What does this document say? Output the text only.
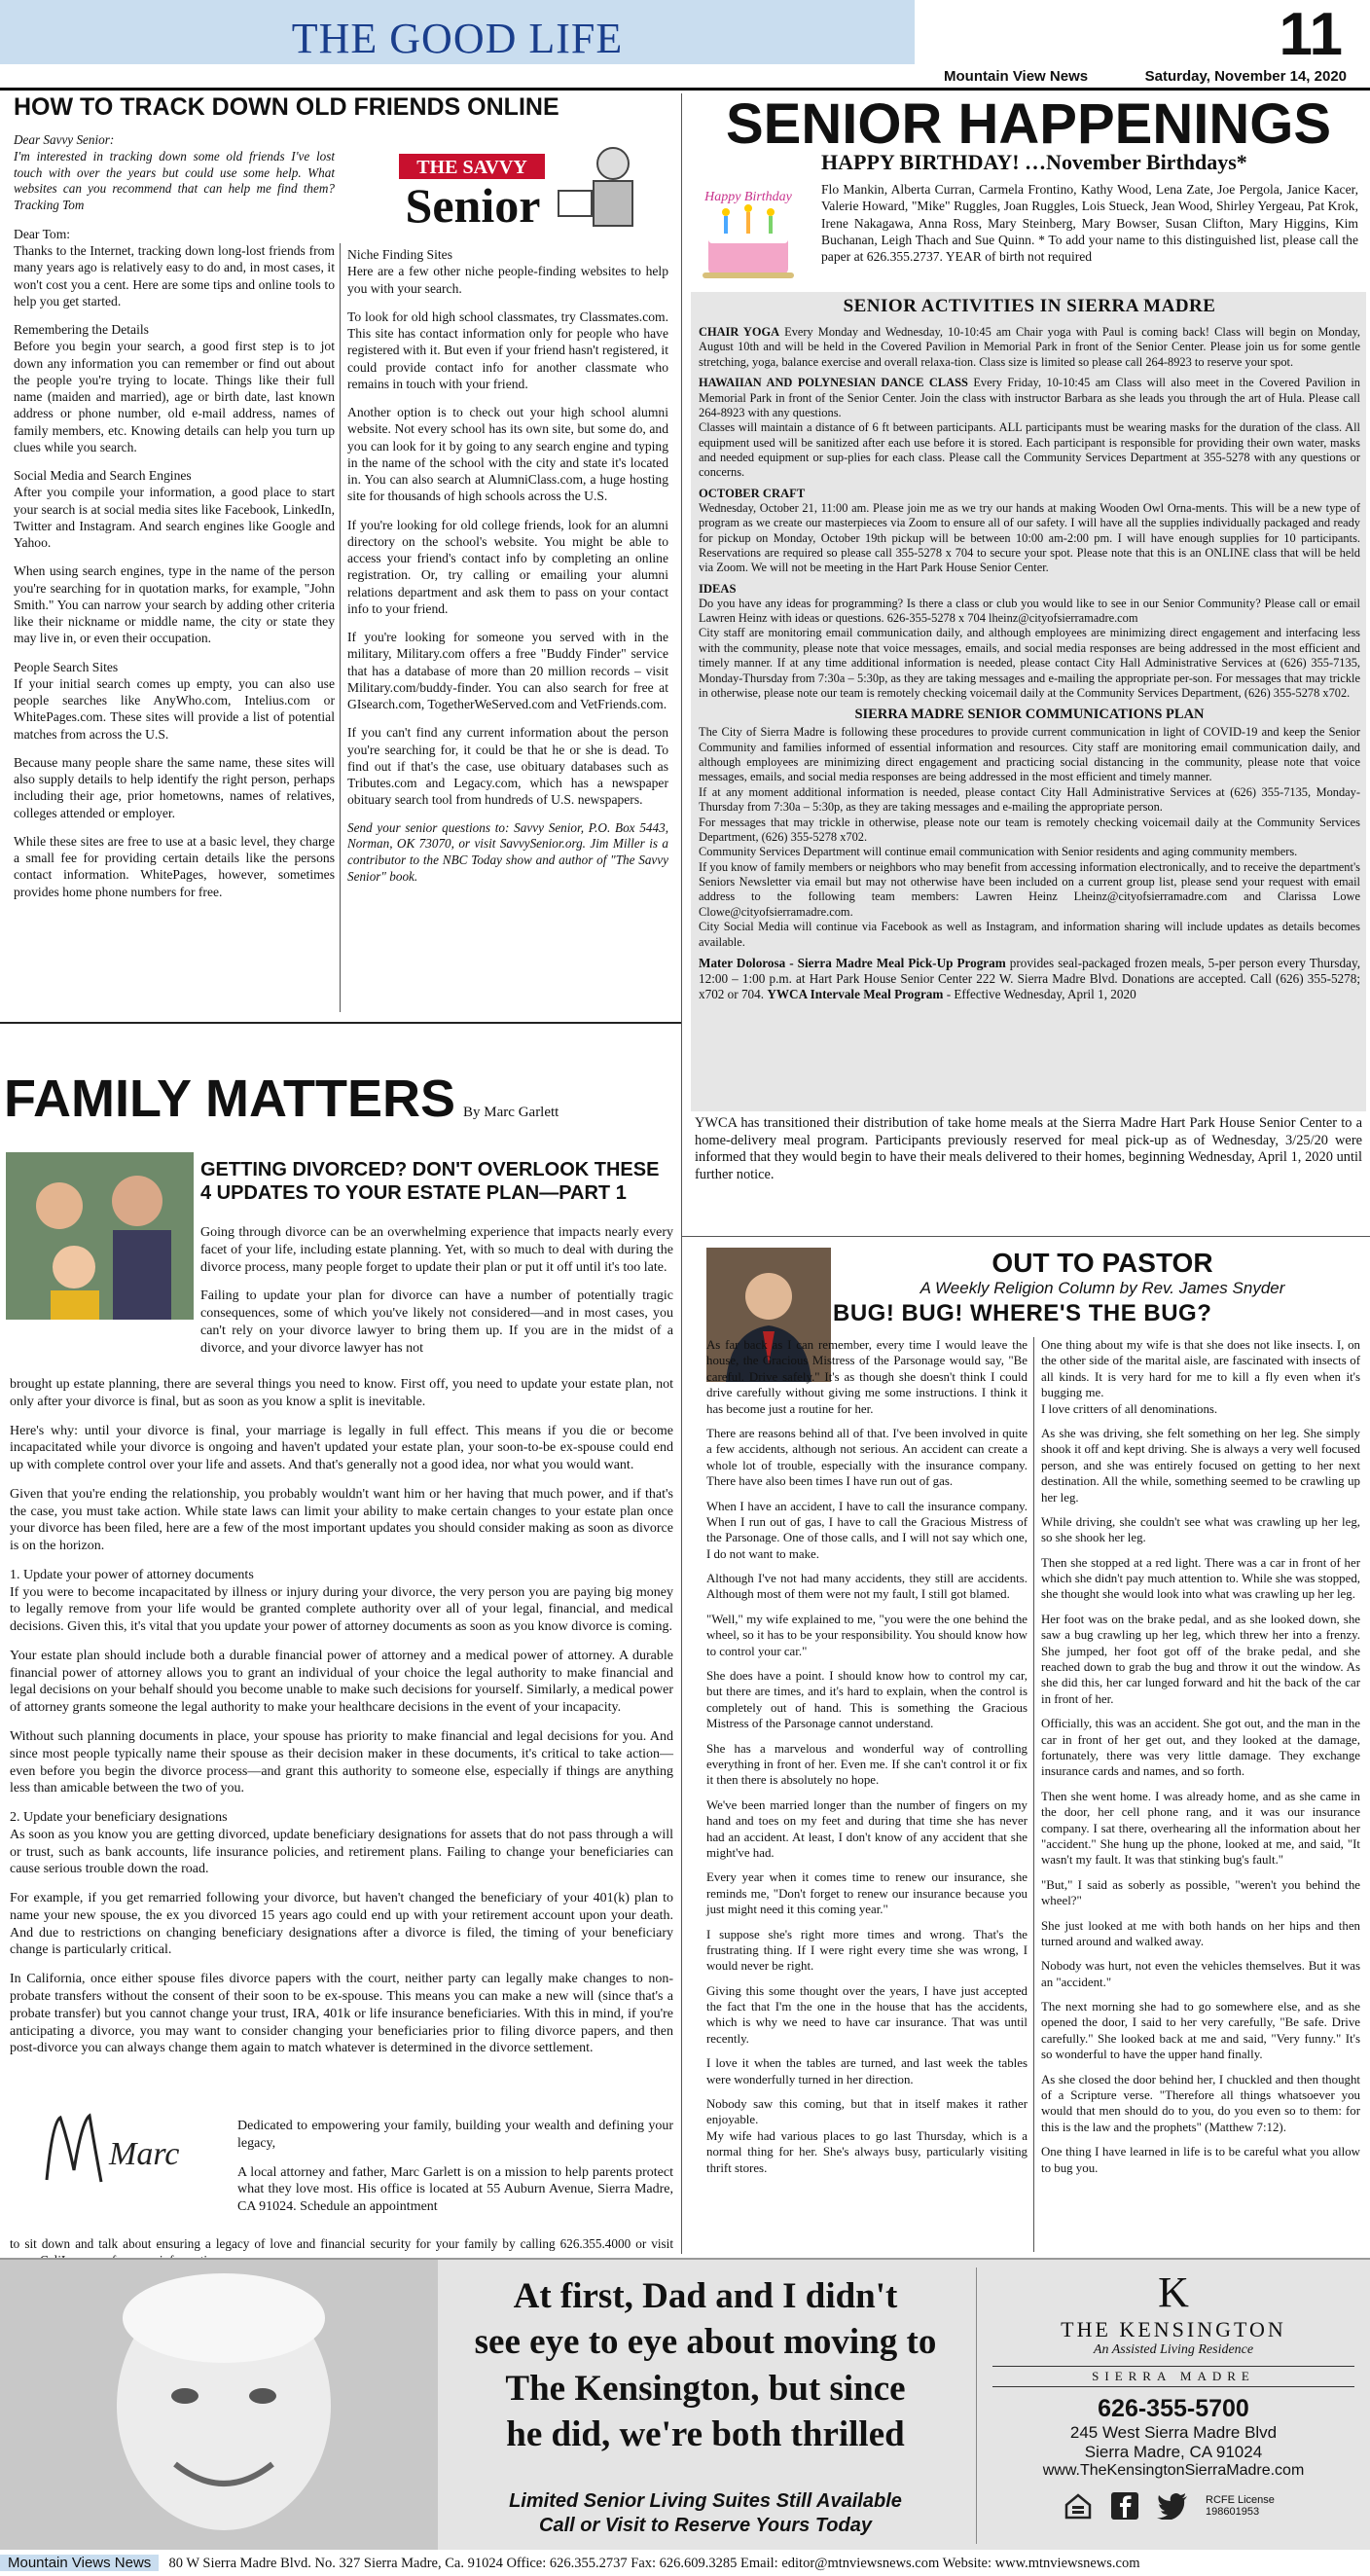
THE GOOD LIFE	11
Mountain View News	Saturday, November 14, 2020
HOW TO TRACK DOWN OLD FRIENDS ONLINE
Dear Savvy Senior:
I'm interested in tracking down some old friends I've lost touch with over the years but could use some help. What websites can you recommend that can help me find them? Tracking Tom
Dear Tom:
Thanks to the Internet, tracking down long-lost friends from many years ago is relatively easy to do and, in most cases, it won't cost you a cent. Here are some tips and online tools to help you get started.
Remembering the Details
Before you begin your search, a good first step is to jot down any information you can remember or find out about the people you're trying to locate. Things like their full name (maiden and married), age or birth date, last known address or phone number, old e-mail address, names of family members, etc. Knowing details can help you turn up clues while you search.
Social Media and Search Engines
After you compile your information, a good place to start your search is at social media sites like Facebook, LinkedIn, Twitter and Instagram. And search engines like Google and Yahoo.
When using search engines, type in the name of the person you're searching for in quotation marks, for example, "John Smith." You can narrow your search by adding other criteria like their nickname or middle name, the city or state they may live in, or even their occupation.
People Search Sites
If your initial search comes up empty, you can also use people searches like AnyWho.com, Intelius.com or WhitePages.com. These sites will provide a list of potential matches from across the U.S.
Because many people share the same name, these sites will also supply details to help identify the right person, perhaps including their age, prior hometowns, names of relatives, colleges attended or employer.
While these sites are free to use at a basic level, they charge a small fee for providing certain details like the persons contact information. WhitePages, however, sometimes provides home phone numbers for free.
THE SAVVY
Senior
Niche Finding Sites
Here are a few other niche people-finding websites to help you with your search.
To look for old high school classmates, try Classmates.com. This site has contact information only for people who have registered with it. But even if your friend hasn't registered, it could provide contact info for another classmate who remains in touch with your friend.
Another option is to check out your high school alumni website. Not every school has its own site, but some do, and you can look for it by going to any search engine and typing in the name of the school with the city and state it's located in. You can also search at AlumniClass.com, a huge hosting site for thousands of high schools across the U.S.
If you're looking for old college friends, look for an alumni directory on the school's website. You might be able to access your friend's contact info by completing an online registration. Or, try calling or emailing your alumni relations department and ask them to pass on your contact info to your friend.
If you're looking for someone you served with in the military, Military.com offers a free "Buddy Finder" service that has a database of more than 20 million records – visit Military.com/buddy-finder. You can also search for free at GIsearch.com, TogetherWeServed.com and VetFriends.com.
If you can't find any current information about the person you're searching for, it could be that he or she is dead. To find out if that's the case, use obituary databases such as Tributes.com and Legacy.com, which has a newspaper obituary search tool from hundreds of U.S. newspapers.
Send your senior questions to: Savvy Senior, P.O. Box 5443, Norman, OK 73070, or visit SavvySenior.org. Jim Miller is a contributor to the NBC Today show and author of "The Savvy Senior" book.
FAMILY MATTERS By Marc Garlett
GETTING DIVORCED? DON'T OVERLOOK THESE 4 UPDATES TO YOUR ESTATE PLAN—PART 1
Going through divorce can be an overwhelming experience that impacts nearly every facet of your life, including estate planning. Yet, with so much to deal with during the divorce process, many people forget to update their plan or put it off until it's too late.
Failing to update your plan for divorce can have a number of potentially tragic consequences, some of which you've likely not considered—and in most cases, you can't rely on your divorce lawyer to bring them up. If you are in the midst of a divorce, and your divorce lawyer has not
brought up estate planning, there are several things you need to know. First off, you need to update your estate plan, not only after your divorce is final, but as soon as you know a split is inevitable.
Here's why: until your divorce is final, your marriage is legally in full effect. This means if you die or become incapacitated while your divorce is ongoing and haven't updated your estate plan, your soon-to-be ex-spouse could end up with complete control over your life and assets. And that's generally not a good idea, nor what you would want.
Given that you're ending the relationship, you probably wouldn't want him or her having that much power, and if that's the case, you must take action. While state laws can limit your ability to make certain changes to your estate plan once your divorce has been filed, here are a few of the most important updates you should consider making as soon as divorce is on the horizon.
1. Update your power of attorney documents
If you were to become incapacitated by illness or injury during your divorce, the very person you are paying big money to legally remove from your life would be granted complete authority over all of your legal, financial, and medical decisions. Given this, it's vital that you update your power of attorney documents as soon as you know divorce is coming.
Your estate plan should include both a durable financial power of attorney and a medical power of attorney. A durable financial power of attorney allows you to grant an individual of your choice the legal authority to make financial and legal decisions on your behalf should you become unable to make such decisions for yourself. Similarly, a medical power of attorney grants someone the legal authority to make your healthcare decisions in the event of your incapacity.
Without such planning documents in place, your spouse has priority to make financial and legal decisions for you. And since most people typically name their spouse as their decision maker in these documents, it's critical to take action—even before you begin the divorce process—and grant this authority to someone else, especially if things are anything less than amicable between the two of you.
2. Update your beneficiary designations
As soon as you know you are getting divorced, update beneficiary designations for assets that do not pass through a will or trust, such as bank accounts, life insurance policies, and retirement plans. Failing to change your beneficiaries can cause serious trouble down the road.
For example, if you get remarried following your divorce, but haven't changed the beneficiary of your 401(k) plan to name your new spouse, the ex you divorced 15 years ago could end up with your retirement account upon your death. And due to restrictions on changing beneficiary designations after a divorce is filed, the timing of your beneficiary change is particularly critical.
In California, once either spouse files divorce papers with the court, neither party can legally make changes to non-probate transfers without the consent of their soon to be ex-spouse. This means you can make a new will (since that's a probate transfer) but you cannot change your trust, IRA, 401k or life insurance beneficiaries. With this in mind, if you're anticipating a divorce, you may want to consider changing your beneficiaries prior to filing divorce papers, and then post-divorce you can always change them again to match whatever is determined in the divorce settlement.
Marc
Dedicated to empowering your family, building your wealth and defining your legacy,
A local attorney and father, Marc Garlett is on a mission to help parents protect what they love most. His office is located at 55 Auburn Avenue, Sierra Madre, CA 91024. Schedule an appointment
to sit down and talk about ensuring a legacy of love and financial security for your family by calling 626.355.4000 or visit
SENIOR HAPPENINGS
Happy Birthday
HAPPY BIRTHDAY! …November Birthdays*
Flo Mankin, Alberta Curran, Carmela Frontino, Kathy Wood, Lena Zate, Joe Pergola, Janice Kacer, Valerie Howard, "Mike" Ruggles, Joan Ruggles, Lois Stueck, Jean Wood, Shirley Yergeau, Pat Krok, Irene Nakagawa, Anna Ross, Mary Steinberg, Mary Bowser, Susan Clifton, Mary Higgins, Kim Buchanan, Leigh Thach and Sue Quinn. * To add your name to this distinguished list, please call the paper at 626.355.2737. YEAR of birth not required
SENIOR ACTIVITIES IN SIERRA MADRE
CHAIR YOGA Every Monday and Wednesday, 10-10:45 am Chair yoga with Paul is coming back! Class will begin on Monday, August 10th and will be held in the Covered Pavilion in Memorial Park in front of the Senior Center. Please join us for some gentle stretching, yoga, balance exercise and overall relaxa-tion. Class size is limited so please call 264-8923 to reserve your spot.
HAWAIIAN AND POLYNESIAN DANCE CLASS Every Friday, 10-10:45 am Class will also meet in the Covered Pavilion in Memorial Park in front of the Senior Center. Join the class with instructor Barbara as she leads you through the art of Hula. Please call 264-8923 with any questions.
Classes will maintain a distance of 6 ft between participants. ALL participants must be wearing masks for the duration of the class. All equipment used will be sanitized after each use before it is stored. Each participant is responsible for providing their own water, masks and needed equipment or sup-plies for each class. Please call the Community Services Department at 355-5278 with any questions or concerns.
OCTOBER CRAFT
Wednesday, October 21, 11:00 am. Please join me as we try our hands at making Wooden Owl Orna-ments. This will be a new type of program as we create our masterpieces via Zoom to ensure all of our safety. I will have all the supplies individually packaged and ready for pickup on Monday, October 19th pickup will be between 10:00 am-2:00 pm. I will have enough supplies for 10 participants. Reservations are required so please call 355-5278 x 704 to secure your spot. Please note that this is an ONLINE class that will be held via Zoom. We will not be meeting in the Hart Park House Senior Center.
IDEAS
Do you have any ideas for programming? Is there a class or club you would like to see in our Senior Community? Please call or email Lawren Heinz with ideas or questions. 626-355-5278 x 704 lheinz@cityofsierramadre.com
City staff are monitoring email communication daily, and although employees are minimizing direct engagement and interfacing less with the community, please note that voice messages, emails, and social media responses are being addressed in the most efficient and timely manner. If at any time additional information is needed, please contact City Hall Administrative Services at (626) 355-7135, Monday-Thursday from 7:30a – 5:30p, as they are taking messages and e-mailing the appropriate per-son. For messages that may trickle in otherwise, please note our team is remotely checking voicemail daily at the Community Services Department, (626) 355-5278 x702.
SIERRA MADRE SENIOR COMMUNICATIONS PLAN
The City of Sierra Madre is following these procedures to provide current communication in light of COVID-19 and keep the Senior Community and families informed of essential information and resources. City staff are monitoring email communication daily, and although employees are minimizing direct engagement and practicing social distancing in the community, please note that voice messages, emails, and social media responses are being addressed in the most efficient and timely manner.
If at any moment additional information is needed, please contact City Hall Administrative Services at (626) 355-7135, Monday-Thursday from 7:30a – 5:30p, as they are taking messages and e-mailing the appropriate person.
For messages that may trickle in otherwise, please note our team is remotely checking voicemail daily at the Community Services Department, (626) 355-5278 x702.
Community Services Department will continue email communication with Senior residents and aging community members.
If you know of family members or neighbors who may benefit from accessing information electronically, and to receive the department's Seniors Newsletter via email but may not otherwise have been included on a current group list, please send your request with email address to the following team members: Lawren Heinz Lheinz@cityofsierramadre.com and Clarissa Lowe Clowe@cityofsierramadre.com.
City Social Media will continue via Facebook as well as Instagram, and information sharing will include updates as details becomes available.
Mater Dolorosa - Sierra Madre Meal Pick-Up Program provides seal-packaged frozen meals, 5-per person every Thursday, 12:00 – 1:00 p.m. at Hart Park House Senior Center 222 W. Sierra Madre Blvd. Donations are accepted. Call (626) 355-5278; x702 or 704. YWCA Intervale Meal Program - Effective Wednesday, April 1, 2020
YWCA has transitioned their distribution of take home meals at the Sierra Madre Hart Park House Senior Center to a home-delivery meal program. Participants previously reserved for meal pick-up as of Wednesday, 3/25/20 were informed that they would begin to have their meals delivered to their homes, beginning Wednesday, April 1, 2020 until further notice.
OUT TO PASTOR
A Weekly Religion Column by Rev. James Snyder
BUG! BUG! WHERE'S THE BUG?
As far back as I can remember, every time I would leave the house, the Gracious Mistress of the Parsonage would say, "Be careful. Drive safely." It's as though she doesn't think I could drive carefully without giving me some instructions. I think it has become just a routine for her.
There are reasons behind all of that. I've been involved in quite a few accidents, although not serious. An accident can create a whole lot of trouble, especially with the insurance company. There have also been times I have run out of gas.
When I have an accident, I have to call the insurance company. When I run out of gas, I have to call the Gracious Mistress of the Parsonage. One of those calls, and I will not say which one, I do not want to make.
Although I've not had many accidents, they still are accidents. Although most of them were not my fault, I still got blamed.
"Well," my wife explained to me, "you were the one behind the wheel, so it has to be your responsibility. You should know how to control your car."
She does have a point. I should know how to control my car, but there are times, and it's hard to explain, when the control is completely out of hand. This is something the Gracious Mistress of the Parsonage cannot understand.
She has a marvelous and wonderful way of controlling everything in front of her. Even me. If she can't control it or fix it then there is absolutely no hope.
We've been married longer than the number of fingers on my hand and toes on my feet and during that time she has never had an accident. At least, I don't know of any accident that she might've had.
Every year when it comes time to renew our insurance, she reminds me, "Don't forget to renew our insurance because you just might need it this coming year."
I suppose she's right more times and wrong. That's the frustrating thing. If I were right every time she was wrong, I would never be right.
Giving this some thought over the years, I have just accepted the fact that I'm the one in the house that has the accidents, which is why we need to have car insurance. That was until recently.
I love it when the tables are turned, and last week the tables were wonderfully turned in her direction.
Nobody saw this coming, but that in itself makes it rather enjoyable.
My wife had various places to go last Thursday, which is a normal thing for her. She's always busy, particularly visiting thrift stores.
One thing about my wife is that she does not like insects. I, on the other side of the marital aisle, are fascinated with insects of all kinds. It is very hard for me to kill a fly even when it's bugging me.
I love critters of all denominations.
As she was driving, she felt something on her leg. She simply shook it off and kept driving. She is always a very well focused person, and she was entirely focused on getting to her next destination. All the while, something seemed to be crawling up her leg.
While driving, she couldn't see what was crawling up her leg, so she shook her leg.
Then she stopped at a red light. There was a car in front of her which she didn't pay much attention to. While she was stopped, she thought she would look into what was crawling up her leg.
Her foot was on the brake pedal, and as she looked down, she saw a bug crawling up her leg, which threw her into a frenzy. She jumped, her foot got off of the brake pedal, and she reached down to grab the bug and throw it out the window. As she did this, her car lunged forward and hit the back of the car in front of her.
Officially, this was an accident. She got out, and the man in the car in front of her get out, and they looked at the damage, fortunately, there was very little damage. They exchange insurance cards and names, and so forth.
Then she went home. I was already home, and as she came in the door, her cell phone rang, and it was our insurance company. I sat there, overhearing all the information about her "accident." She hung up the phone, looked at me, and said, "It wasn't my fault. It was that stinking bug's fault."
"But," I said as soberly as possible, "weren't you behind the wheel?"
She just looked at me with both hands on her hips and then turned around and walked away.
Nobody was hurt, not even the vehicles themselves. But it was an "accident."
The next morning she had to go somewhere else, and as she opened the door, I said to her very carefully, "Be safe. Drive carefully." She looked back at me and said, "Very funny." It's so wonderful to have the upper hand finally.
As she closed the door behind her, I chuckled and then thought of a Scripture verse. "Therefore all things whatsoever you would that men should do to you, do you even so to them: for this is the law and the prophets" (Matthew 7:12).
One thing I have learned in life is to be careful what you allow to bug you.
At first, Dad and I didn't
see eye to eye about moving to
The Kensington, but since
he did, we're both thrilled
Limited Senior Living Suites Still Available
Call or Visit to Reserve Yours Today
K
THE KENSINGTON
An Assisted Living Residence
SIERRA MADRE
626-355-5700
245 West Sierra Madre Blvd
Sierra Madre, CA 91024
www.TheKensingtonSierraMadre.com
RCFE License 198601953
Mountain Views News 80 W Sierra Madre Blvd. No. 327 Sierra Madre, Ca. 91024 Office: 626.355.2737 Fax: 626.609.3285 Email: editor@mtnviewsnews.com Website: www.mtnviewsnews.com
